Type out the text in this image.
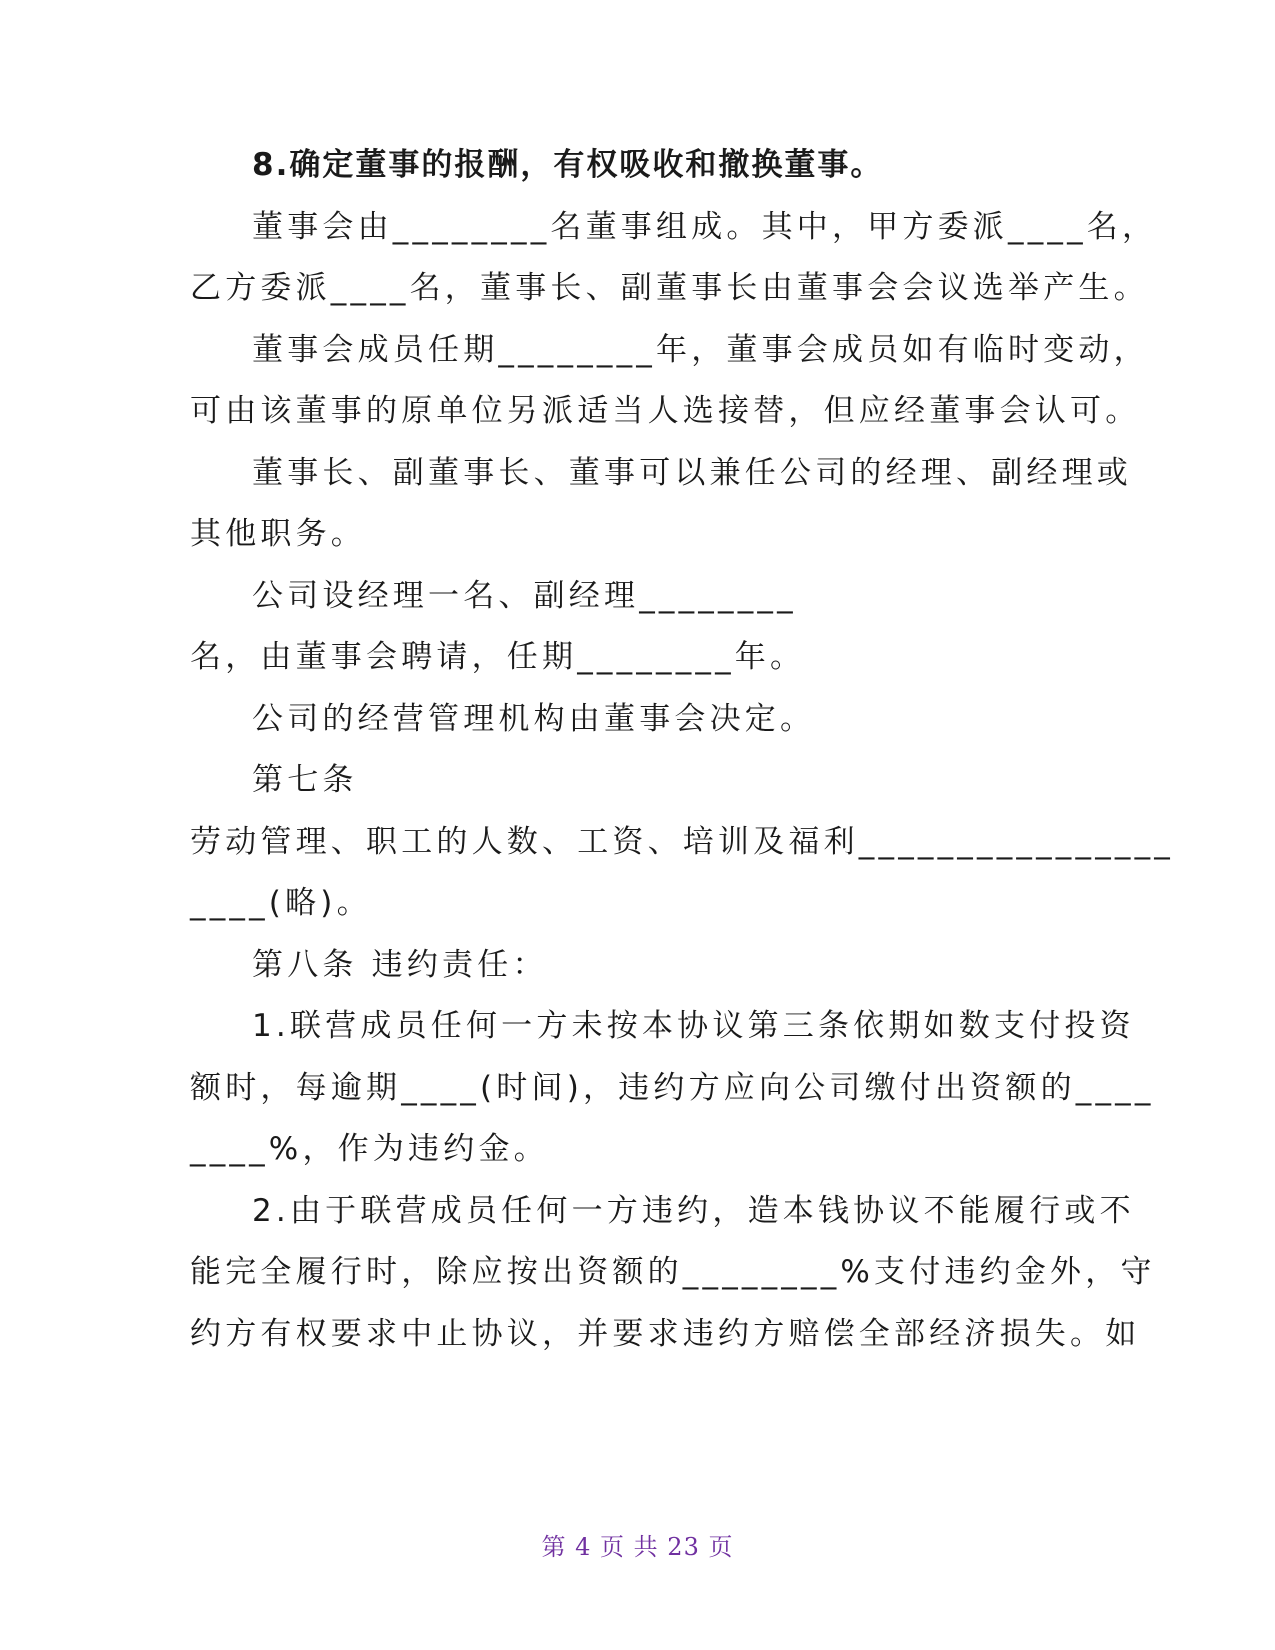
8.确定董事的报酬，有权吸收和撤换董事。
董事会由________名董事组成。其中，甲方委派____名，
乙方委派____名，董事长、副董事长由董事会会议选举产生。
董事会成员任期________年，董事会成员如有临时变动，
可由该董事的原单位另派适当人选接替，但应经董事会认可。
董事长、副董事长、董事可以兼任公司的经理、副经理或
其他职务。
公司设经理一名、副经理________
名，由董事会聘请，任期________年。
公司的经营管理机构由董事会决定。
第七条
劳动管理、职工的人数、工资、培训及福利________________
____(略)。
第八条 违约责任：
1.联营成员任何一方未按本协议第三条依期如数支付投资
额时，每逾期____(时间)，违约方应向公司缴付出资额的____
____%，作为违约金。
2.由于联营成员任何一方违约，造本钱协议不能履行或不
能完全履行时，除应按出资额的________%支付违约金外，守
约方有权要求中止协议，并要求违约方赔偿全部经济损失。如
第 4 页 共 23 页
